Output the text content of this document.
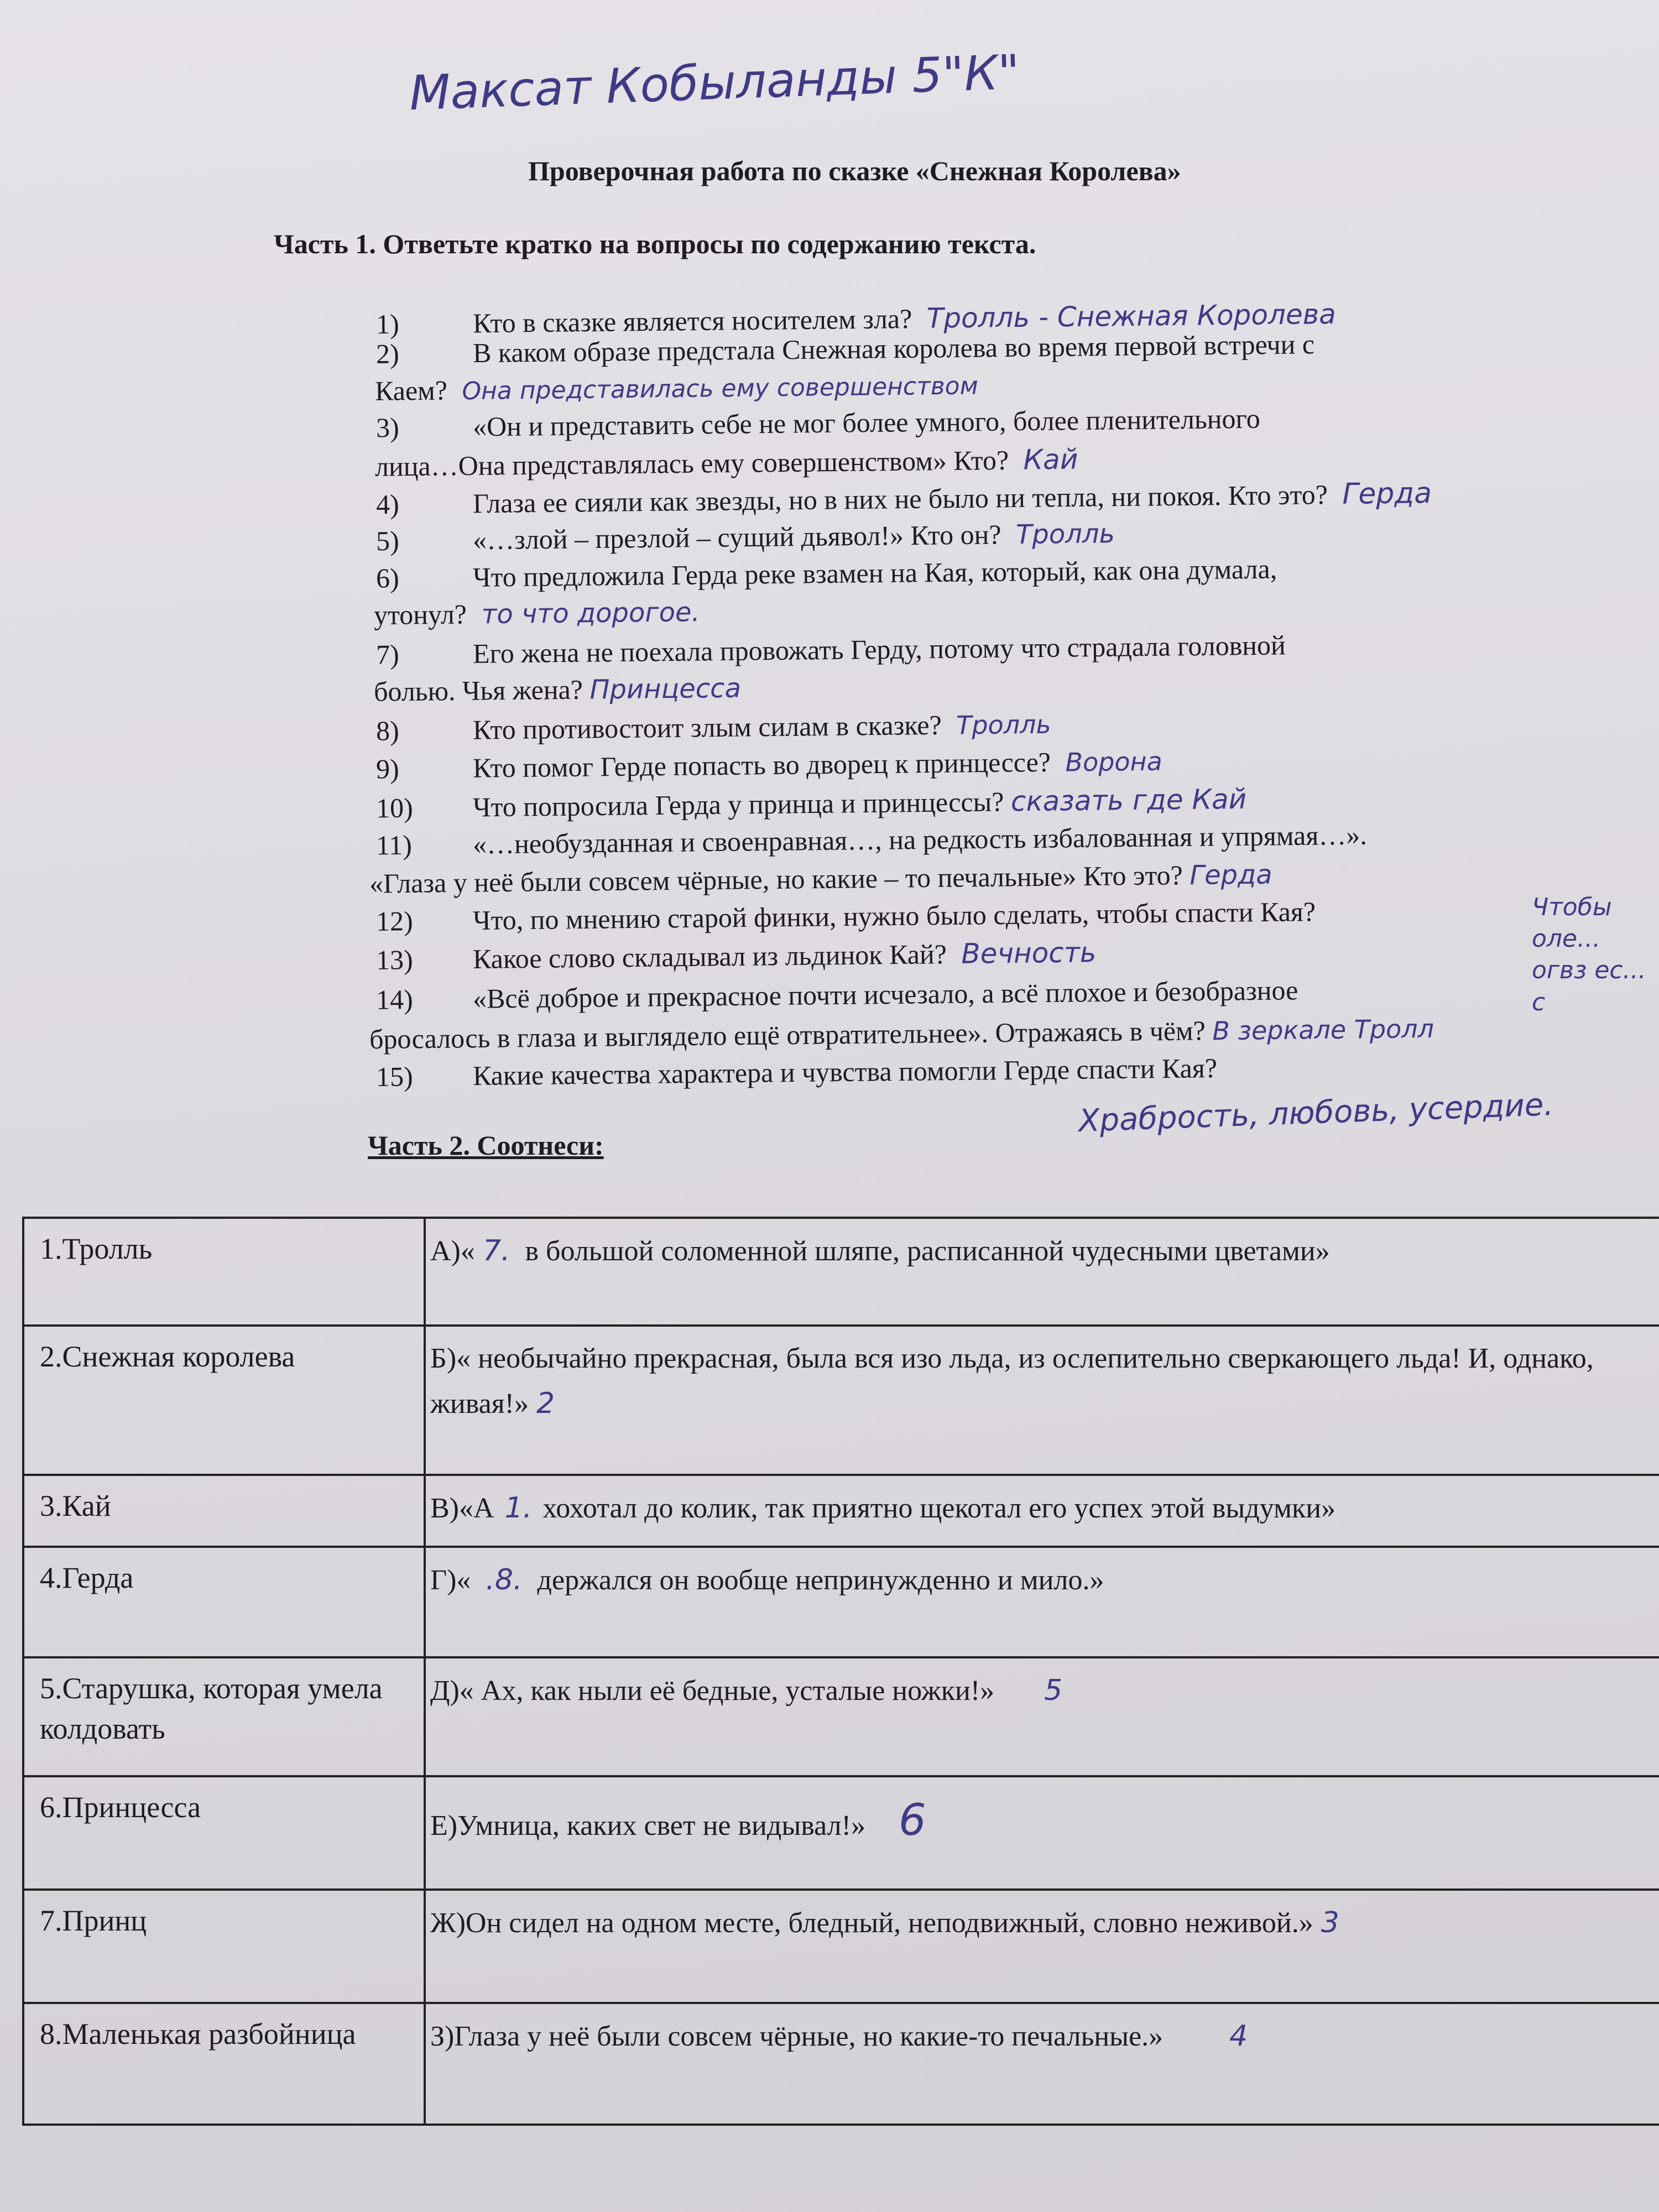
Максат Кобыланды 5"К"
Проверочная работа по сказке «Снежная Королева»
Часть 1. Ответьте кратко на вопросы по содержанию текста.
1)	Кто в сказке является носителем зла? Тролль - Снежная Королева
2)	В каком образе предстала Снежная королева во время первой встречи с
Каем? Она представилась ему совершенством
3)	«Он и представить себе не мог более умного, более пленительного
лица…Она представлялась ему совершенством» Кто? Кай
4)	Глаза ее сияли как звезды, но в них не было ни тепла, ни покоя. Кто это? Герда
5)	«…злой – презлой – сущий дьявол!» Кто он? Тролль
6)	Что предложила Герда реке взамен на Кая, который, как она думала,
утонул? то что дорогое.
7)	Его жена не поехала провожать Герду, потому что страдала головной
болью. Чья жена? Принцесса
8)	Кто противостоит злым силам в сказке? Тролль
9)	Кто помог Герде попасть во дворец к принцессе? Ворона
10) Что попросила Герда у принца и принцессы? сказать где Кай
11) «…необузданная и своенравная…, на редкость избалованная и упрямая…».
«Глаза у неё были совсем чёрные, но какие – то печальные» Кто это? Герда
12) Что, по мнению старой финки, нужно было сделать, чтобы спасти Кая?	Чтобы оле... огвз ес... с
13) Какое слово складывал из льдинок Кай? Вечность
14) «Всё доброе и прекрасное почти исчезало, а всё плохое и безобразное
бросалось в глаза и выглядело ещё отвратительнее». Отражаясь в чём? В зеркале Тролл
15) Какие качества характера и чувства помогли Герде спасти Кая?
Храбрость, любовь, усердие.
Часть 2. Соотнеси:
1.Тролль	А)« 7. в большой соломенной шляпе, расписанной чудесными цветами»
2.Снежная королева	Б)« необычайно прекрасная, была вся изо льда, из ослепительно сверкающего льда! И, однако, живая!» 2
3.Кай	В)«А 1. хохотал до колик, так приятно щекотал его успех этой выдумки»
4.Герда	Г)« .8. держался он вообще непринужденно и мило.»
5.Старушка, которая умела колдовать
Д)« Ах, как ныли её бедные, усталые ножки!» 5
6.Принцесса
Е)Умница, каких свет не видывал!» 6
7.Принц	Ж)Он сидел на одном месте, бледный, неподвижный, словно неживой.» 3
8.Маленькая разбойница	З)Глаза у неё были совсем чёрные, но какие-то печальные.» 4
